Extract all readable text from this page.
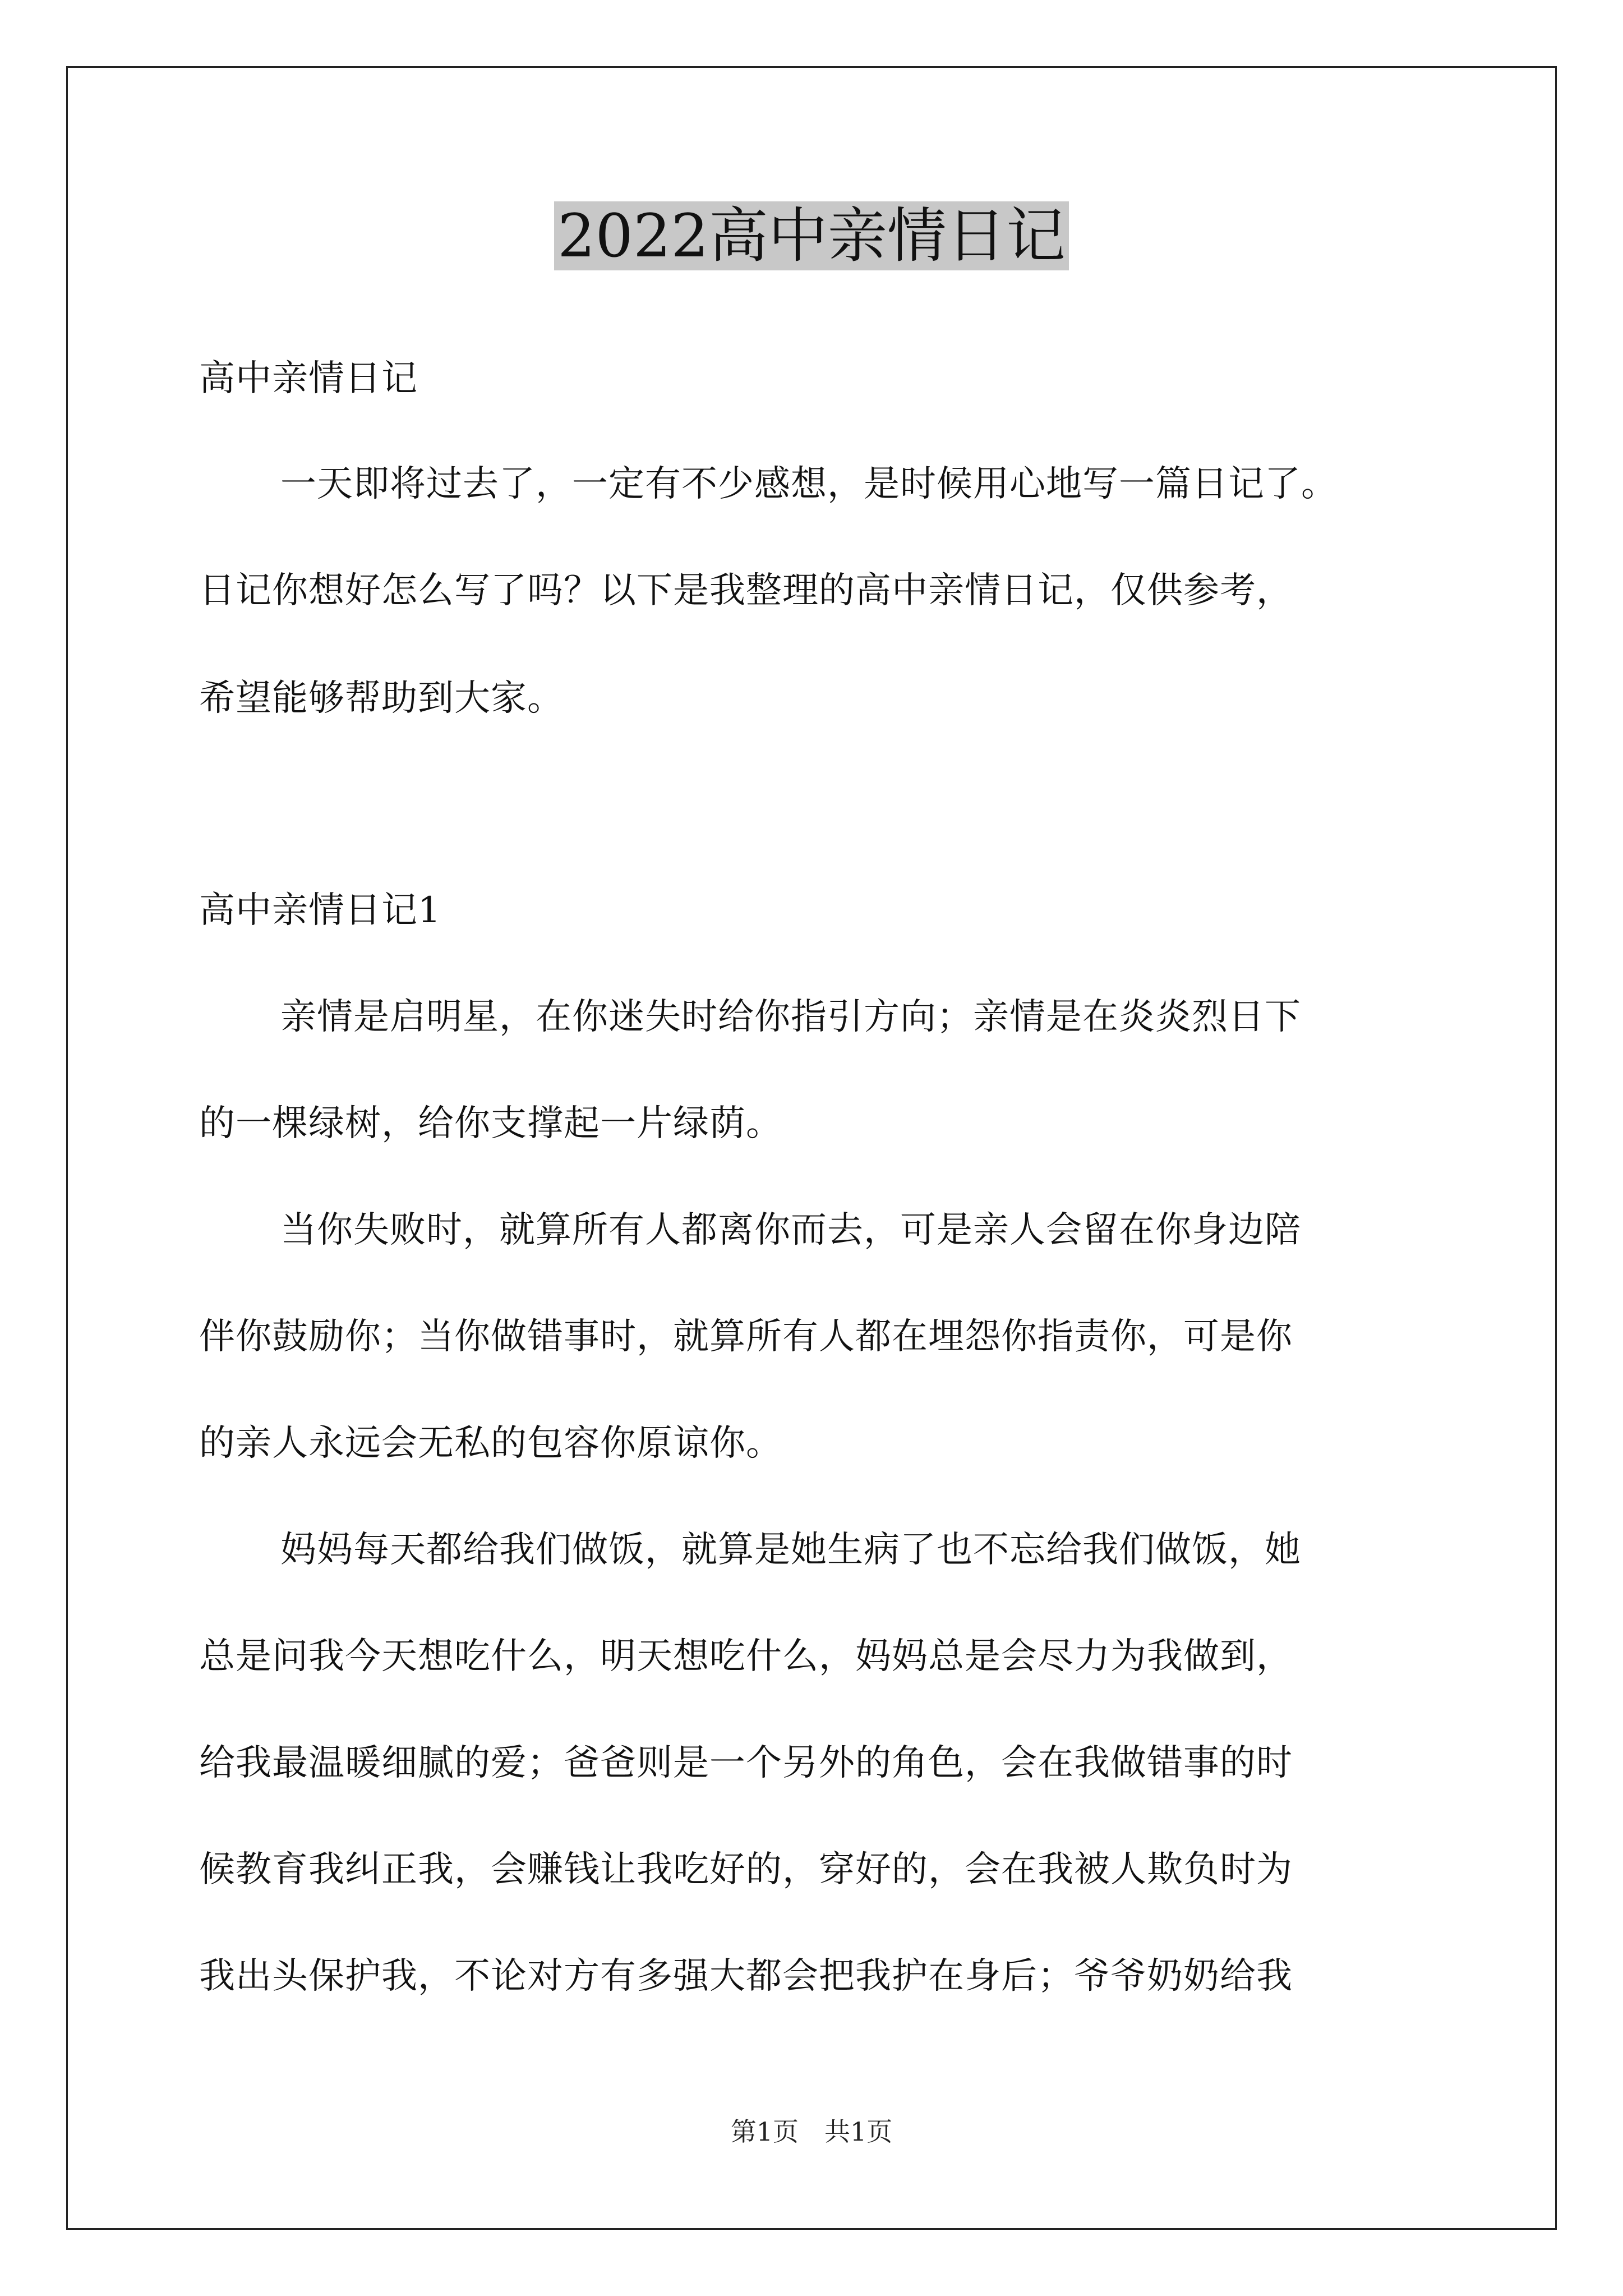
2022高中亲情日记
高中亲情日记
一天即将过去了，一定有不少感想，是时候用心地写一篇日记了。
日记你想好怎么写了吗？以下是我整理的高中亲情日记，仅供参考，
希望能够帮助到大家。
高中亲情日记1
亲情是启明星，在你迷失时给你指引方向；亲情是在炎炎烈日下
的一棵绿树，给你支撑起一片绿荫。
当你失败时，就算所有人都离你而去，可是亲人会留在你身边陪
伴你鼓励你；当你做错事时，就算所有人都在埋怨你指责你，可是你
的亲人永远会无私的包容你原谅你。
妈妈每天都给我们做饭，就算是她生病了也不忘给我们做饭，她
总是问我今天想吃什么，明天想吃什么，妈妈总是会尽力为我做到，
给我最温暖细腻的爱；爸爸则是一个另外的角色，会在我做错事的时
候教育我纠正我，会赚钱让我吃好的，穿好的，会在我被人欺负时为
我出头保护我，不论对方有多强大都会把我护在身后；爷爷奶奶给我
第1页　共1页
